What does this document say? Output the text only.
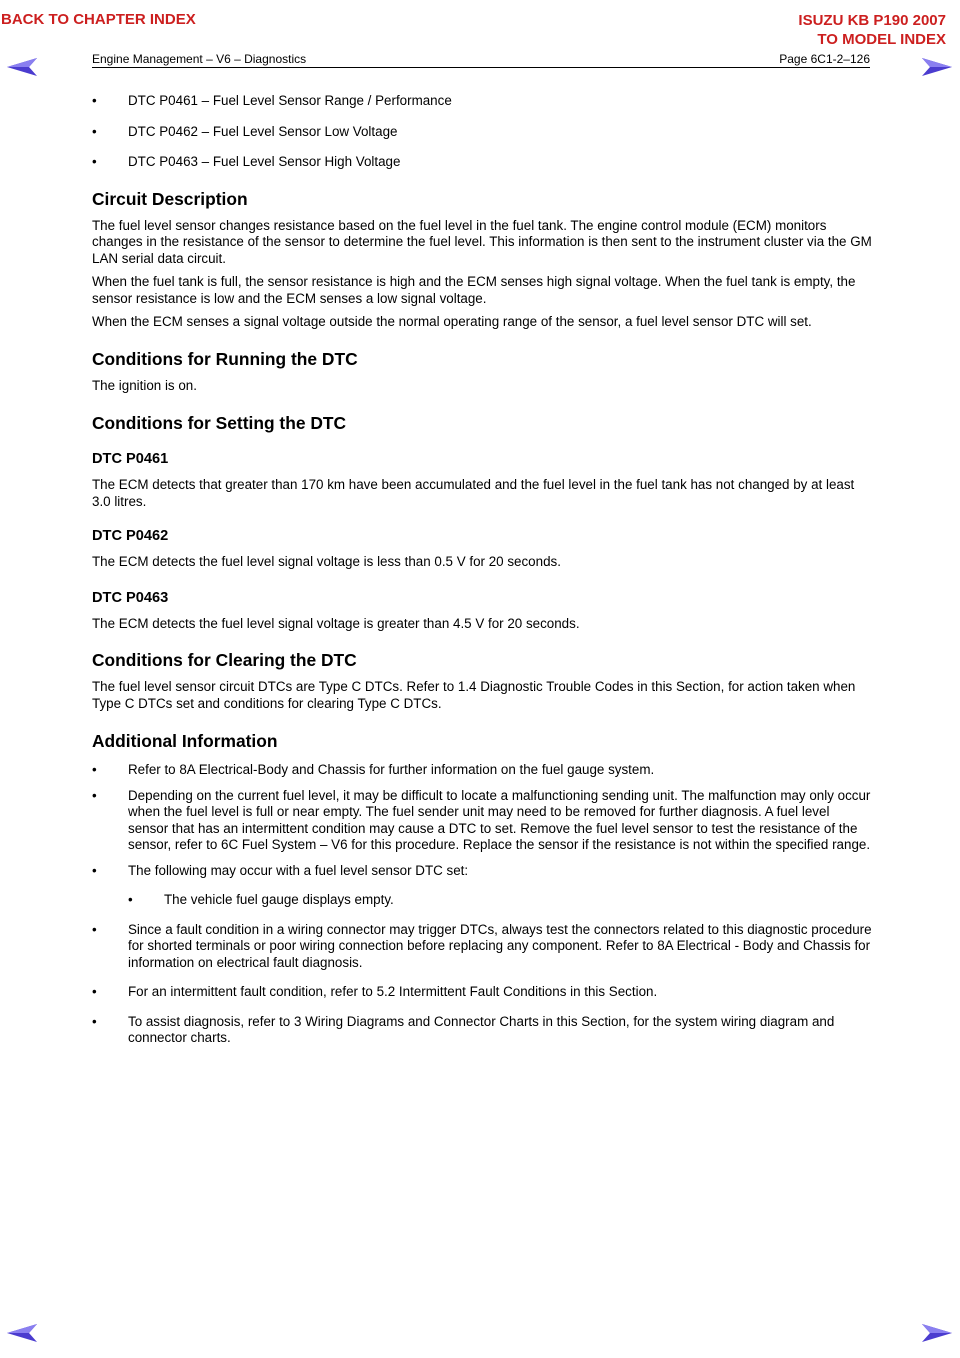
BACK TO CHAPTER INDEX	ISUZU KB P190 2007
TO MODEL INDEX
Engine Management – V6 – Diagnostics	Page 6C1-2–126

• DTC P0461 – Fuel Level Sensor Range / Performance

• DTC P0462 – Fuel Level Sensor Low Voltage

• DTC P0463 – Fuel Level Sensor High Voltage

Circuit Description

The fuel level sensor changes resistance based on the fuel level in the fuel tank. The engine control module (ECM) monitors changes in the resistance of the sensor to determine the fuel level. This information is then sent to the instrument cluster via the GM LAN serial data circuit.

When the fuel tank is full, the sensor resistance is high and the ECM senses high signal voltage. When the fuel tank is empty, the sensor resistance is low and the ECM senses a low signal voltage.

When the ECM senses a signal voltage outside the normal operating range of the sensor, a fuel level sensor DTC will set.

Conditions for Running the DTC

The ignition is on.

Conditions for Setting the DTC
DTC P0461

The ECM detects that greater than 170 km have been accumulated and the fuel level in the fuel tank has not changed by at least 3.0 litres.

DTC P0462

The ECM detects the fuel level signal voltage is less than 0.5 V for 20 seconds.

DTC P0463

The ECM detects the fuel level signal voltage is greater than 4.5 V for 20 seconds.

Conditions for Clearing the DTC

The fuel level sensor circuit DTCs are Type C DTCs. Refer to 1.4 Diagnostic Trouble Codes in this Section, for action taken when Type C DTCs set and conditions for clearing Type C DTCs.

Additional Information

• Refer to 8A Electrical-Body and Chassis for further information on the fuel gauge system.

• Depending on the current fuel level, it may be difficult to locate a malfunctioning sending unit. The malfunction may only occur when the fuel level is full or near empty. The fuel sender unit may need to be removed for further diagnosis. A fuel level sensor that has an intermittent condition may cause a DTC to set. Remove the fuel level sensor to test the resistance of the sensor, refer to 6C Fuel System – V6 for this procedure. Replace the sensor if the resistance is not within the specified range.

• The following may occur with a fuel level sensor DTC set:

• The vehicle fuel gauge displays empty.

• Since a fault condition in a wiring connector may trigger DTCs, always test the connectors related to this diagnostic procedure for shorted terminals or poor wiring connection before replacing any component. Refer to 8A Electrical - Body and Chassis for information on electrical fault diagnosis.

• For an intermittent fault condition, refer to 5.2 Intermittent Fault Conditions in this Section.

• To assist diagnosis, refer to 3 Wiring Diagrams and Connector Charts in this Section, for the system wiring diagram and connector charts.
